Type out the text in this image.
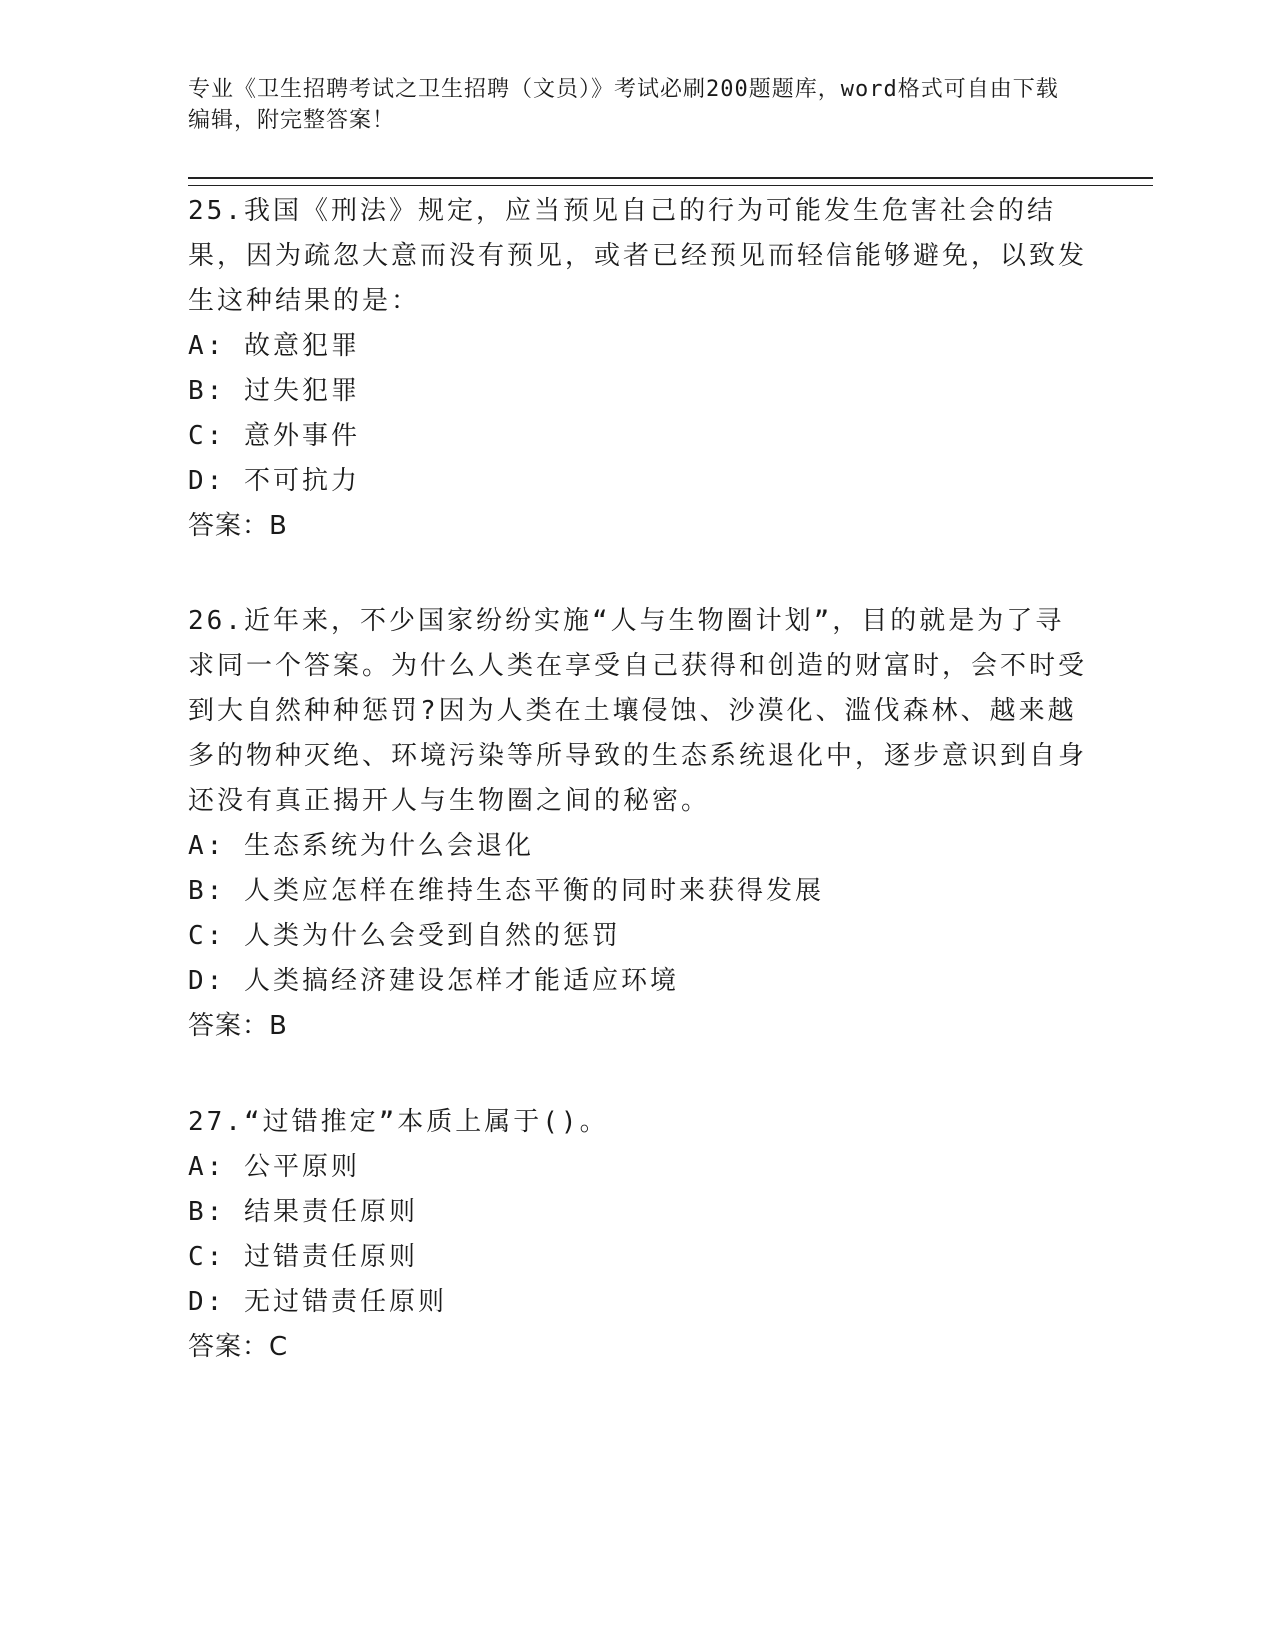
专业《卫生招聘考试之卫生招聘（文员）》考试必刷200题题库，word格式可自由下载编辑，附完整答案！
25.我国《刑法》规定，应当预见自己的行为可能发生危害社会的结果，因为疏忽大意而没有预见，或者已经预见而轻信能够避免，以致发生这种结果的是：
A: 故意犯罪
B: 过失犯罪
C: 意外事件
D: 不可抗力
答案：B
26.近年来，不少国家纷纷实施“人与生物圈计划”，目的就是为了寻求同一个答案。为什么人类在享受自己获得和创造的财富时，会不时受到大自然种种惩罚?因为人类在土壤侵蚀、沙漠化、滥伐森林、越来越多的物种灭绝、环境污染等所导致的生态系统退化中，逐步意识到自身还没有真正揭开人与生物圈之间的秘密。
A: 生态系统为什么会退化
B: 人类应怎样在维持生态平衡的同时来获得发展
C: 人类为什么会受到自然的惩罚
D: 人类搞经济建设怎样才能适应环境
答案：B
27.“过错推定”本质上属于()。
A: 公平原则
B: 结果责任原则
C: 过错责任原则
D: 无过错责任原则
答案：C
